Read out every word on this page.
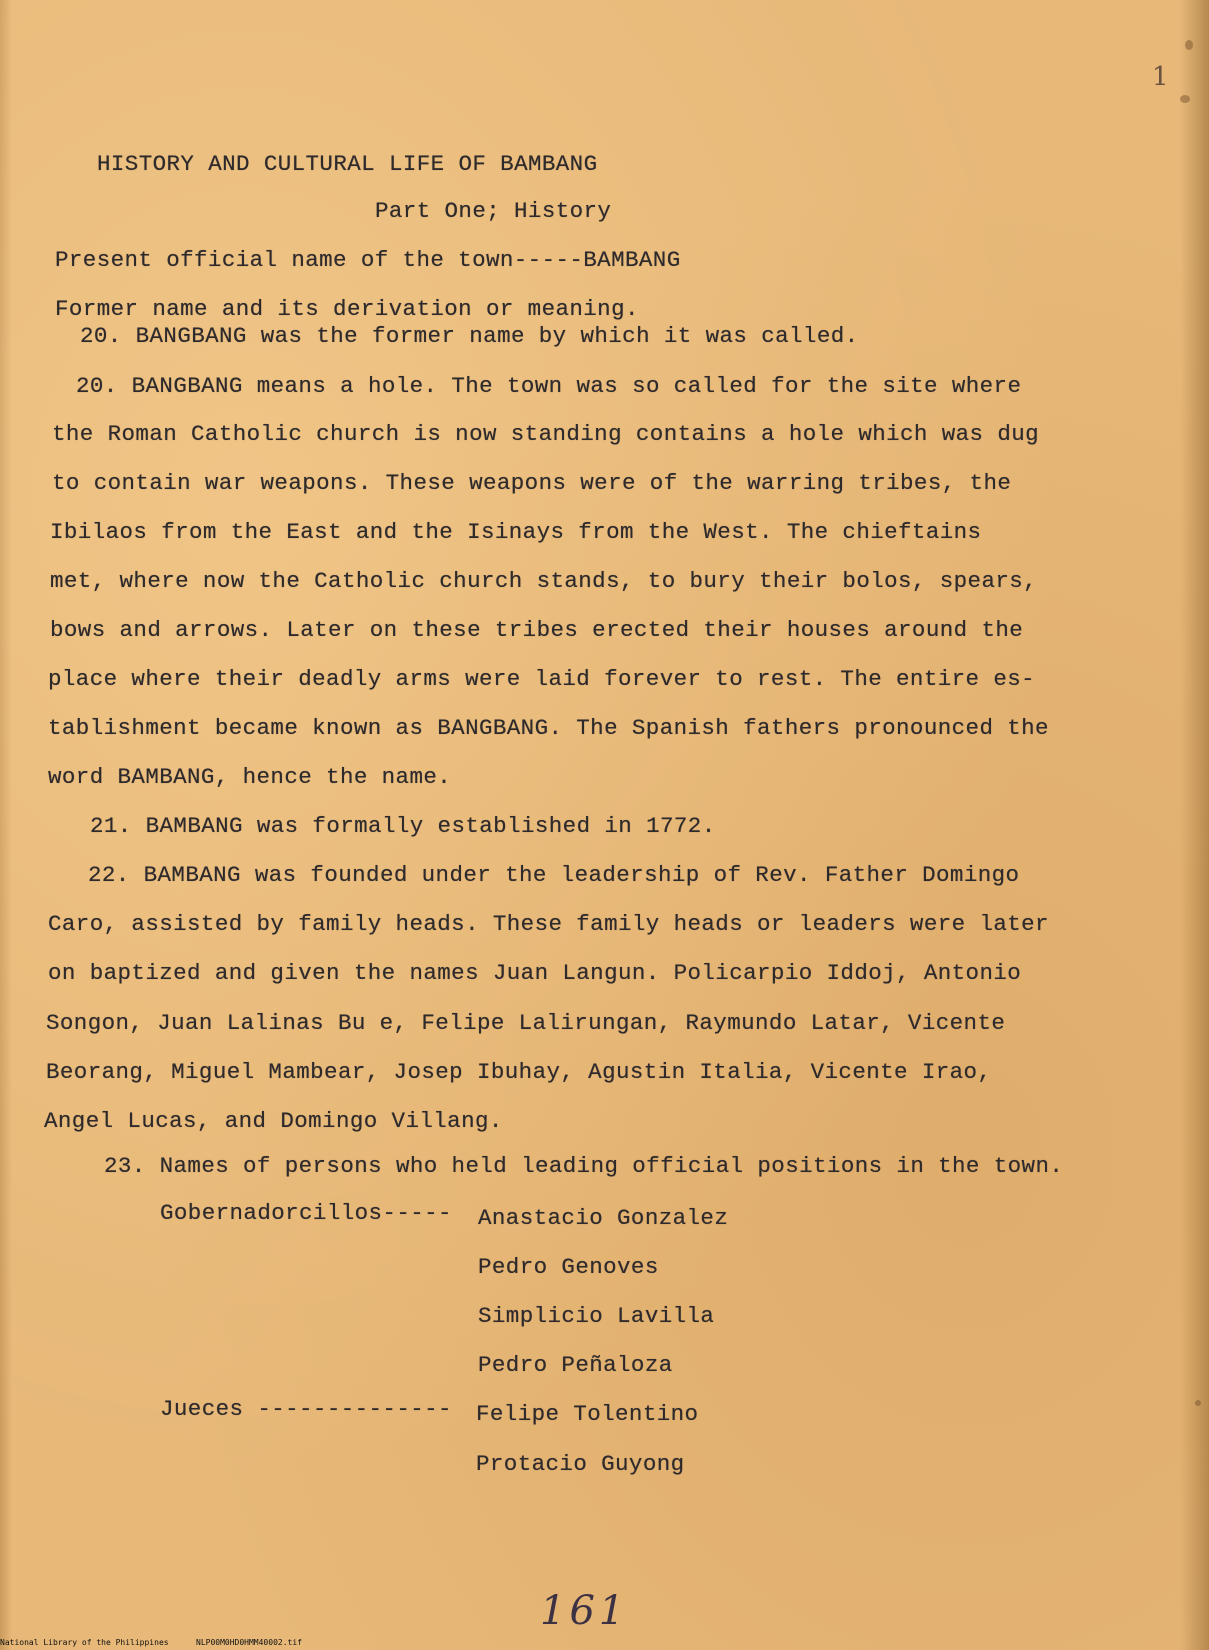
1
HISTORY AND CULTURAL LIFE OF BAMBANG
Part One; History
Present official name of the town-----BAMBANG
Former name and its derivation or meaning.
20. BANGBANG was the former name by which it was called.
20. BANGBANG means a hole. The town was so called for the site where
the Roman Catholic church is now standing contains a hole which was dug
to contain war weapons. These weapons were of the warring tribes, the
Ibilaos from the East and the Isinays from the West. The chieftains
met, where now the Catholic church stands, to bury their bolos, spears,
bows and arrows. Later on these tribes erected their houses around the
place where their deadly arms were laid forever to rest. The entire es-
tablishment became known as BANGBANG. The Spanish fathers pronounced the
word BAMBANG, hence the name.
21. BAMBANG was formally established in 1772.
22. BAMBANG was founded under the leadership of Rev. Father Domingo
Caro, assisted by family heads. These family heads or leaders were later
on baptized and given the names Juan Langun. Policarpio Iddoj, Antonio
Songon, Juan Lalinas Bu e, Felipe Lalirungan, Raymundo Latar, Vicente
Beorang, Miguel Mambear, Josep Ibuhay, Agustin Italia, Vicente Irao,
Angel Lucas, and Domingo Villang.
23. Names of persons who held leading official positions in the town.
Gobernadorcillos----- Anastacio Gonzalez
Pedro Genoves
Simplicio Lavilla
Pedro Peñaloza
Jueces -------------- Felipe Tolentino
Protacio Guyong
161
National Library of the Philippines	NLP00M0HD0HMM40002.tif
